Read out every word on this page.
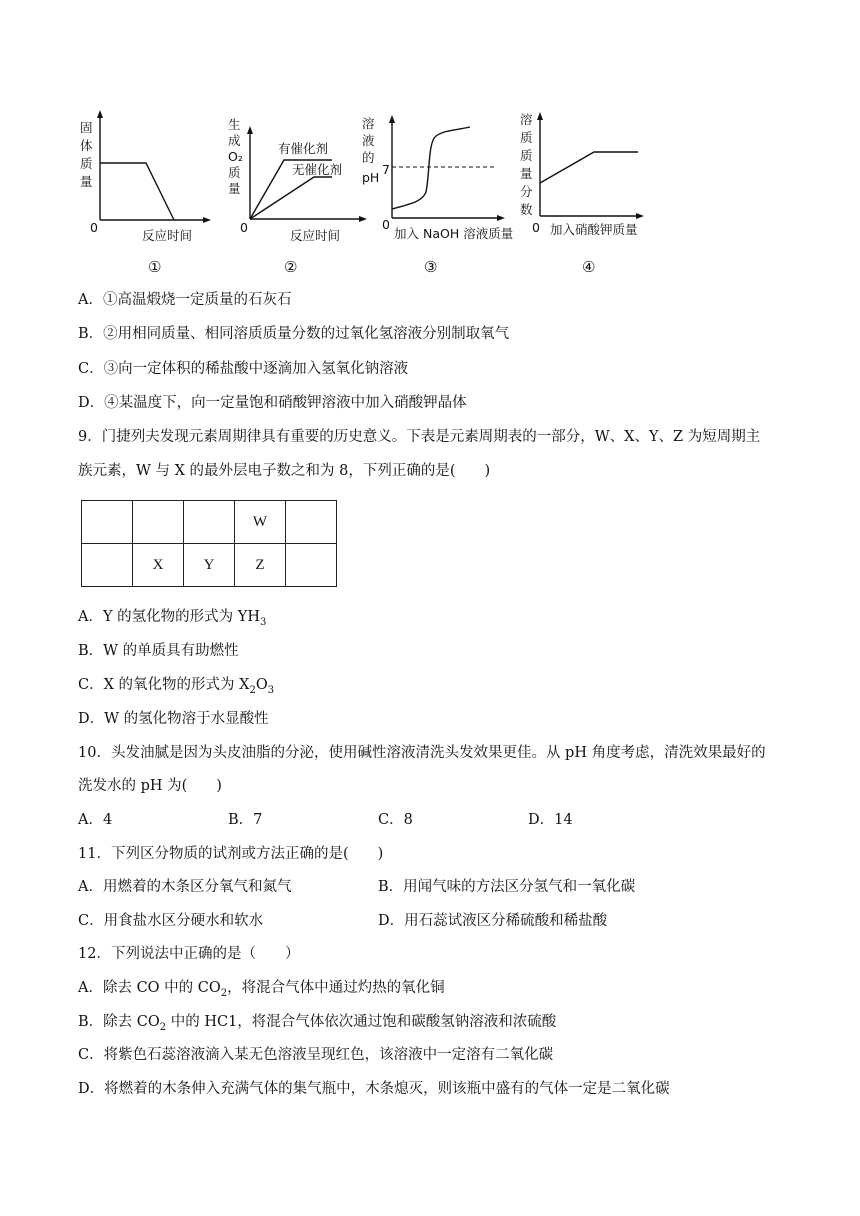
固
体
质
量
0
反应时间
①
生
成
O₂
质
量
有催化剂
无催化剂
0
反应时间
②
溶
液
的
pH
7
0
加入 NaOH 溶液质量
③
溶
质
质
量
分
数
0 加入硝酸钾质量
④
A．①高温煅烧一定质量的石灰石
B．②用相同质量、相同溶质质量分数的过氧化氢溶液分别制取氧气
C．③向一定体积的稀盐酸中逐滴加入氢氧化钠溶液
D．④某温度下，向一定量饱和硝酸钾溶液中加入硝酸钾晶体
9．门捷列夫发现元素周期律具有重要的历史意义。下表是元素周期表的一部分，W、X、Y、Z 为短周期主
族元素，W 与 X 的最外层电子数之和为 8，下列正确的是(　　)
			W	
	X	Y	Z	
A．Y 的氢化物的形式为 $YH_3$
B．W 的单质具有助燃性
C．X 的氧化物的形式为 $X_2O_3$
D．W 的氢化物溶于水显酸性
10．头发油腻是因为头皮油脂的分泌，使用碱性溶液清洗头发效果更佳。从 pH 角度考虑，清洗效果最好的
洗发水的 pH 为(　　)
A．4	B．7	C．8	D．14
11．下列区分物质的试剂或方法正确的是(　　)
A．用燃着的木条区分氧气和氮气	B．用闻气味的方法区分氢气和一氧化碳
C．用食盐水区分硬水和软水	D．用石蕊试液区分稀硫酸和稀盐酸
12．下列说法中正确的是（　　）
A．除去 CO 中的 $CO_2$，将混合气体中通过灼热的氧化铜
B．除去 $CO_2$ 中的 HC1，将混合气体依次通过饱和碳酸氢钠溶液和浓硫酸
C．将紫色石蕊溶液滴入某无色溶液呈现红色，该溶液中一定溶有二氧化碳
D．将燃着的木条伸入充满气体的集气瓶中，木条熄灭，则该瓶中盛有的气体一定是二氧化碳
